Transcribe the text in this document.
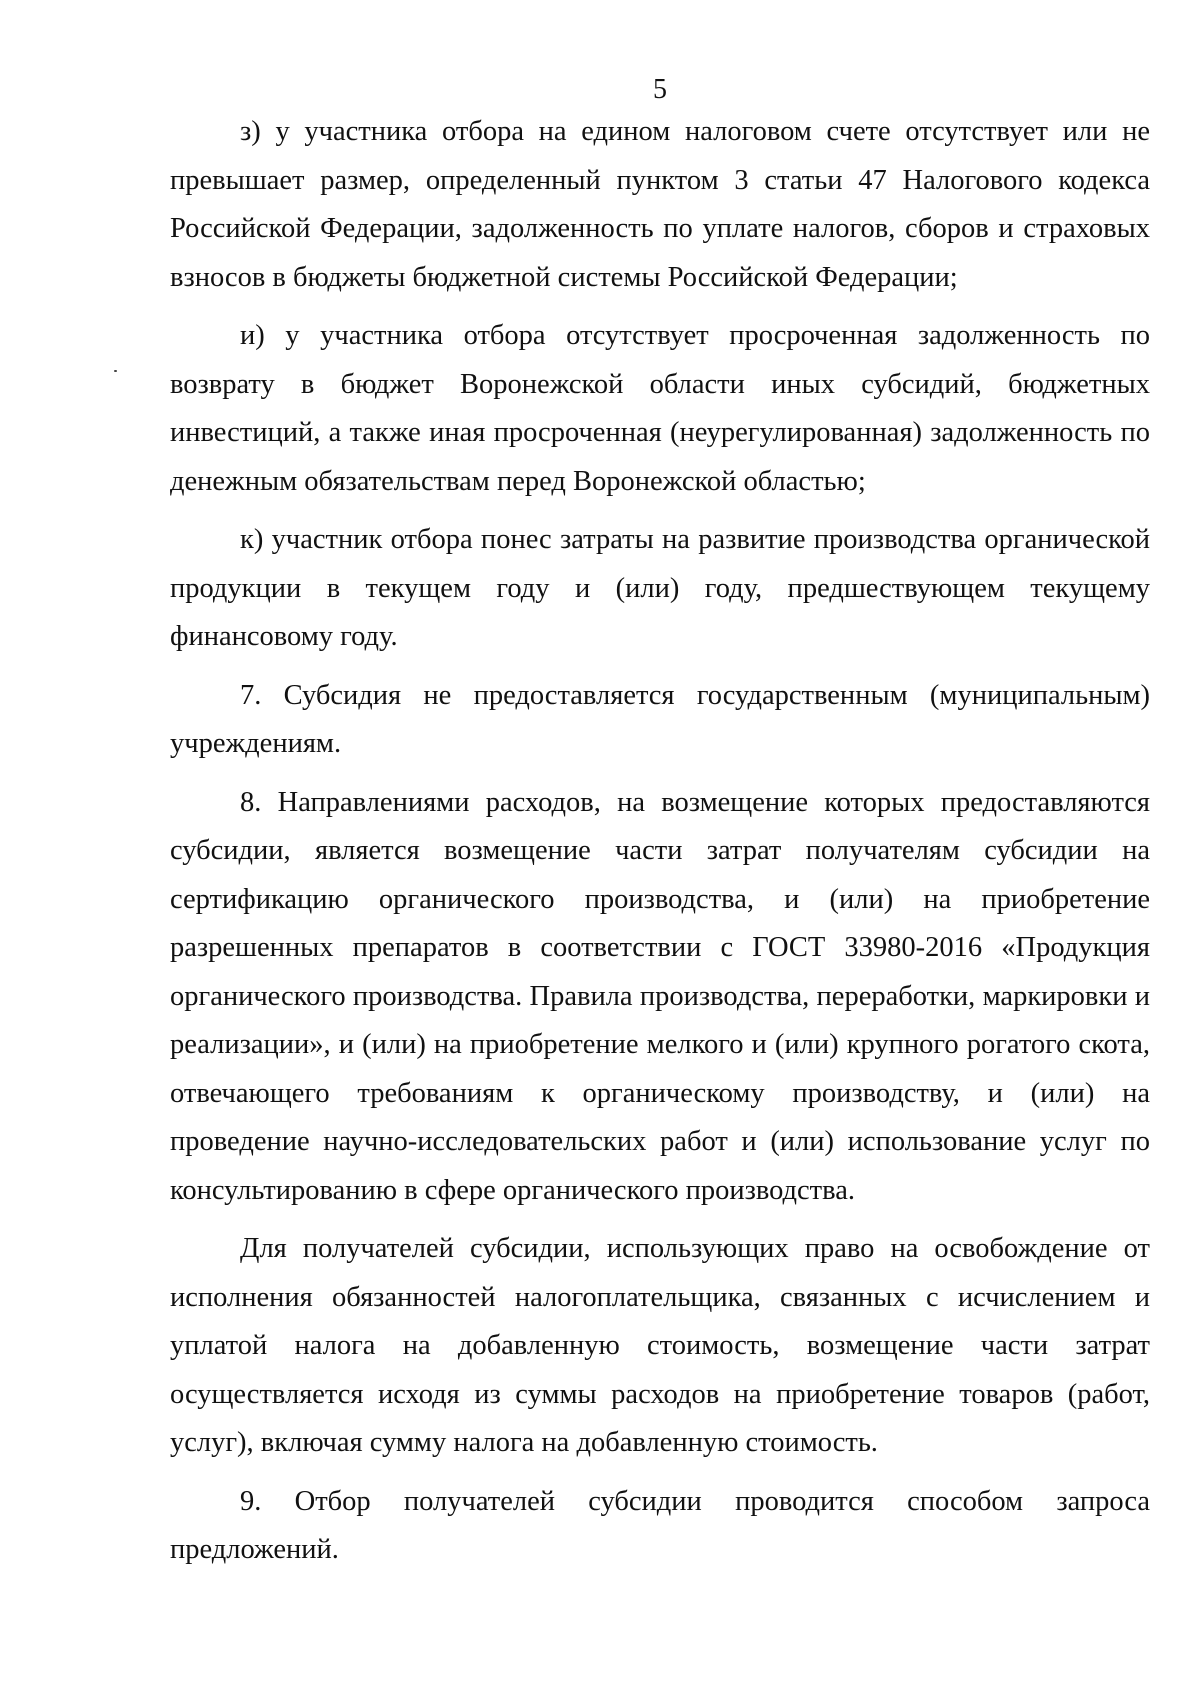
5

з) у участника отбора на едином налоговом счете отсутствует или не превышает размер, определенный пунктом 3 статьи 47 Налогового кодекса Российской Федерации, задолженность по уплате налогов, сборов и страховых взносов в бюджеты бюджетной системы Российской Федерации;

и) у участника отбора отсутствует просроченная задолженность по возврату в бюджет Воронежской области иных субсидий, бюджетных инвестиций, а также иная просроченная (неурегулированная) задолженность по денежным обязательствам перед Воронежской областью;

к) участник отбора понес затраты на развитие производства органической продукции в текущем году и (или) году, предшествующем текущему финансовому году.

7. Субсидия не предоставляется государственным (муниципальным) учреждениям.

8. Направлениями расходов, на возмещение которых предоставляются субсидии, является возмещение части затрат получателям субсидии на сертификацию органического производства, и (или) на приобретение разрешенных препаратов в соответствии с ГОСТ 33980-2016 «Продукция органического производства. Правила производства, переработки, маркировки и реализации», и (или) на приобретение мелкого и (или) крупного рогатого скота, отвечающего требованиям к органическому производству, и (или) на проведение научно-исследовательских работ и (или) использование услуг по консультированию в сфере органического производства.

Для получателей субсидии, использующих право на освобождение от исполнения обязанностей налогоплательщика, связанных с исчислением и уплатой налога на добавленную стоимость, возмещение части затрат осуществляется исходя из суммы расходов на приобретение товаров (работ, услуг), включая сумму налога на добавленную стоимость.

9. Отбор получателей субсидии проводится способом запроса предложений.
